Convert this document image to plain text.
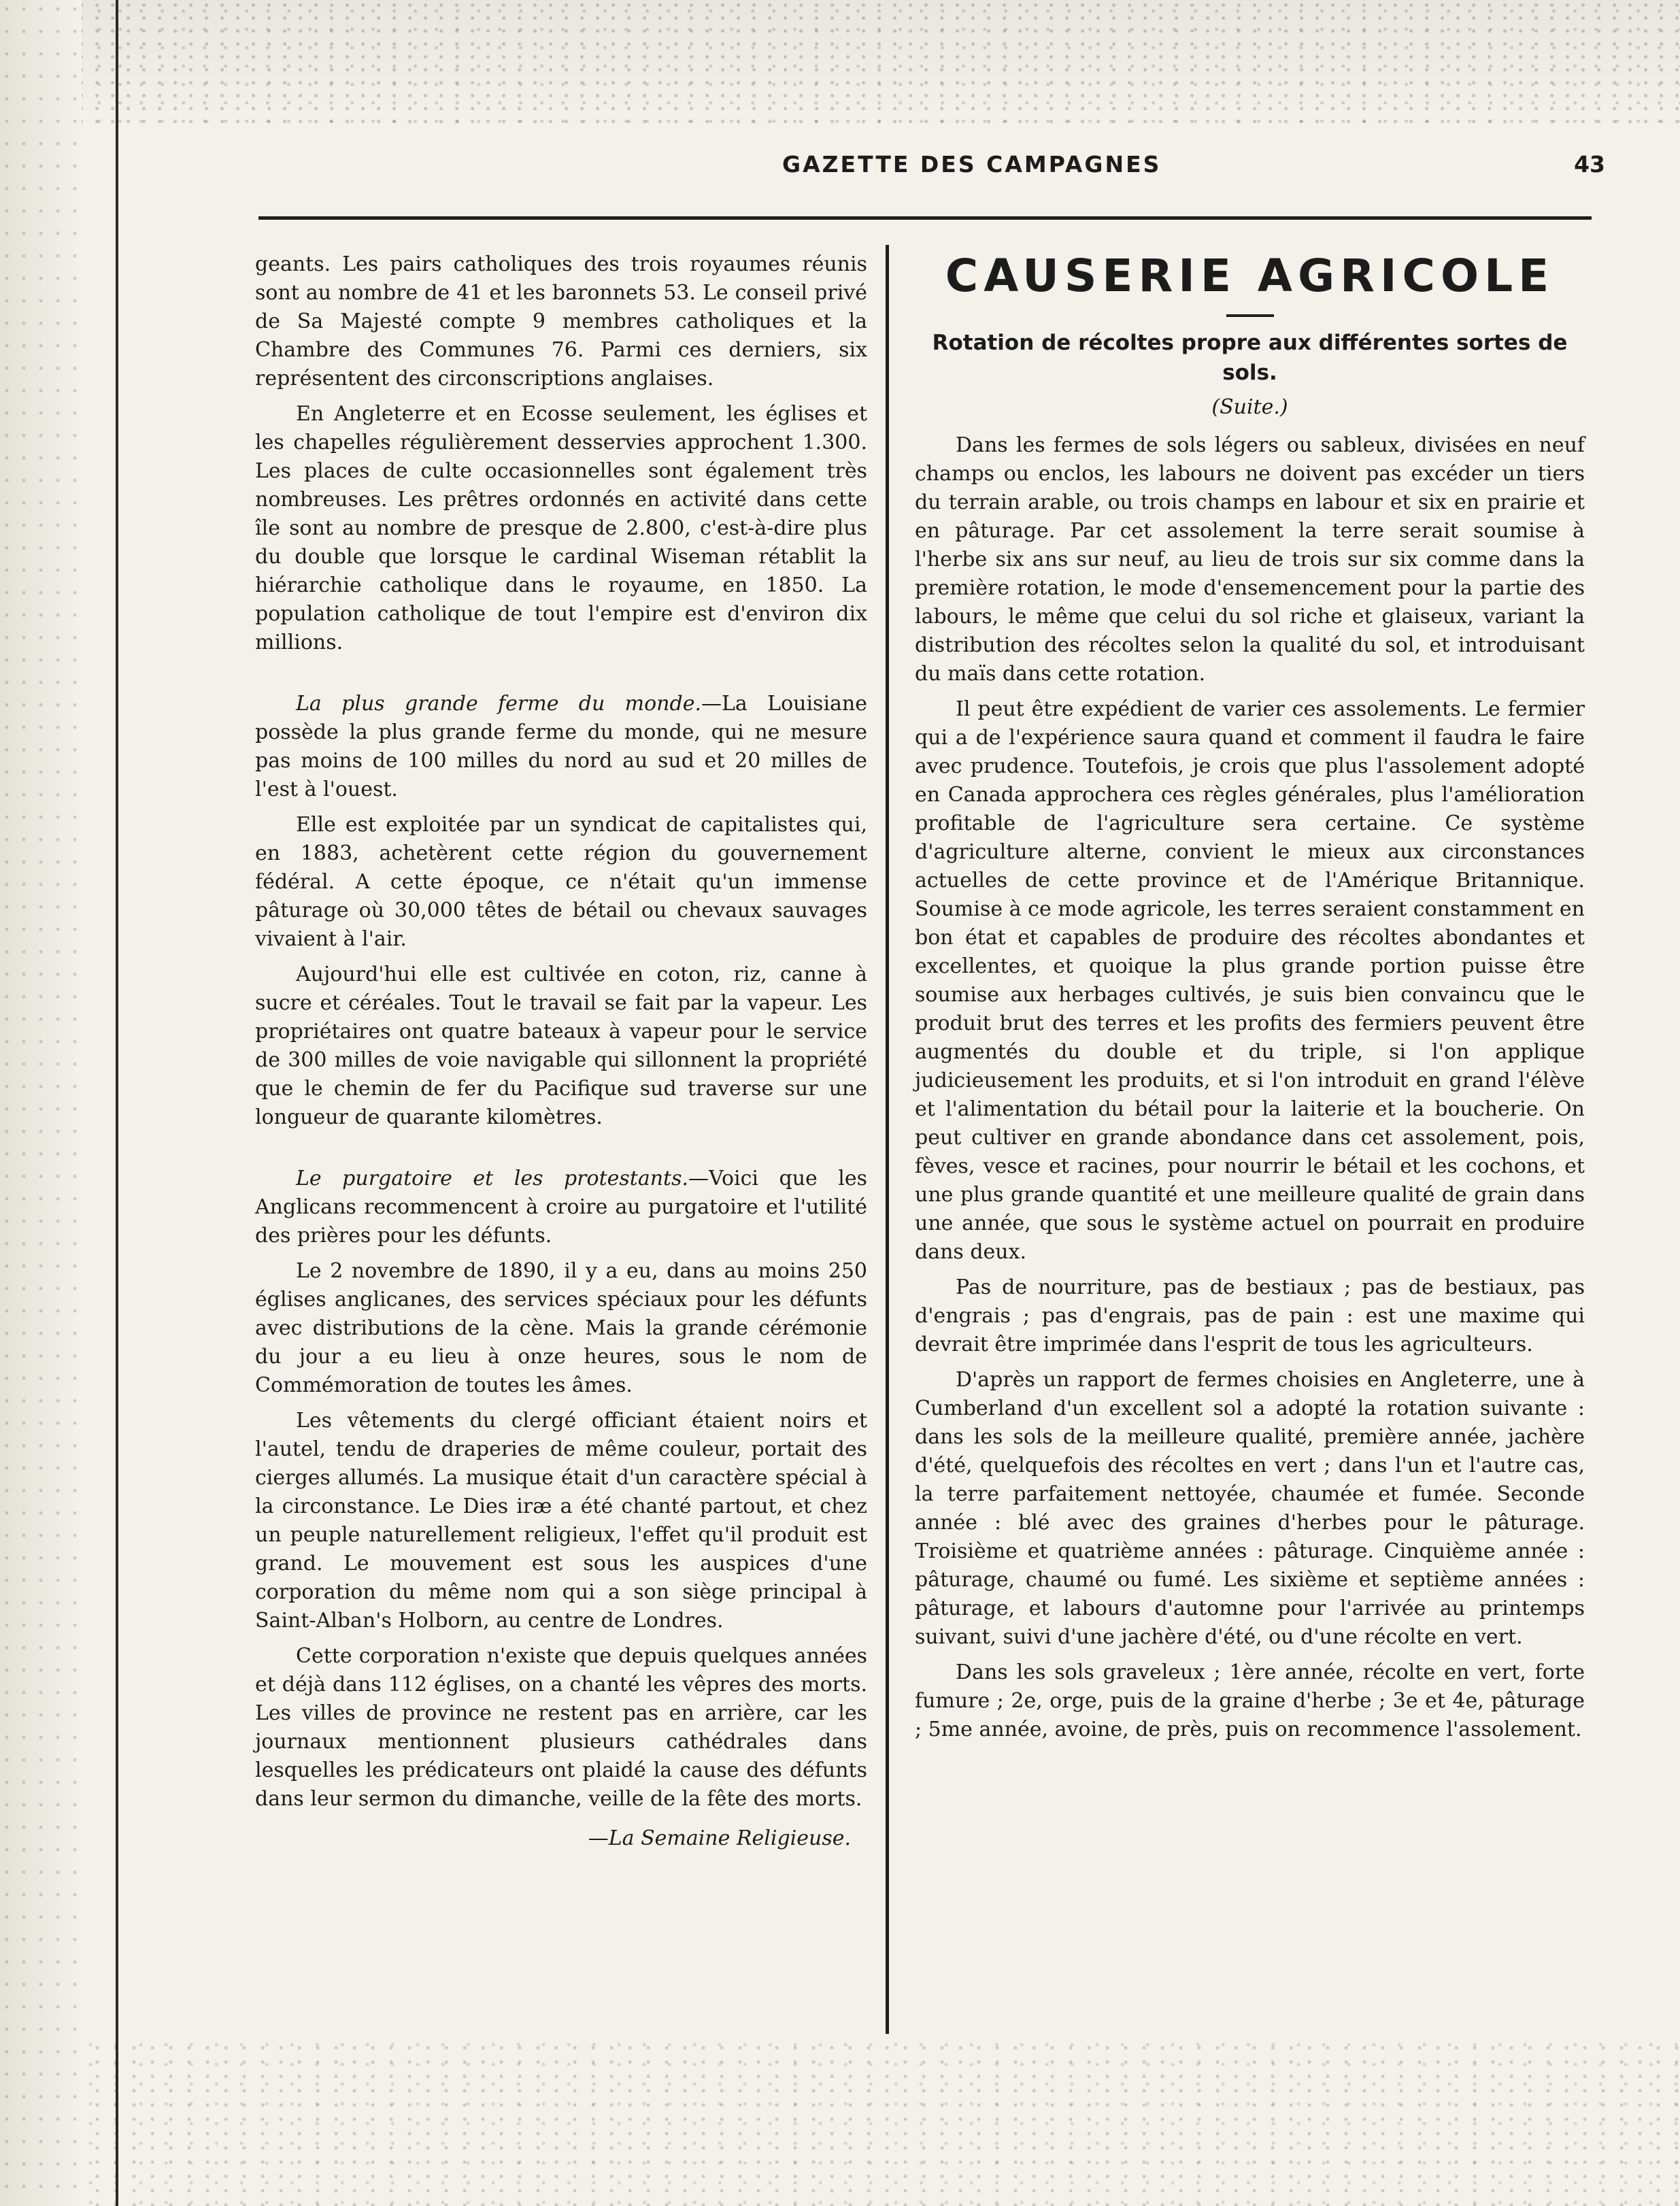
GAZETTE DES CAMPAGNES	43

geants. Les pairs catholiques des trois royaumes réunis sont au nombre de 41 et les baronnets 53. Le conseil privé de Sa Majesté compte 9 membres catholiques et la Chambre des Communes 76. Parmi ces derniers, six représentent des circonscriptions anglaises.

En Angleterre et en Ecosse seulement, les églises et les chapelles régulièrement desservies approchent 1.300. Les places de culte occasionnelles sont également très nombreuses. Les prêtres ordonnés en activité dans cette île sont au nombre de presque de 2.800, c'est-à-dire plus du double que lorsque le cardinal Wiseman rétablit la hiérarchie catholique dans le royaume, en 1850. La population catholique de tout l'empire est d'environ dix millions.

La plus grande ferme du monde.—La Louisiane possède la plus grande ferme du monde, qui ne mesure pas moins de 100 milles du nord au sud et 20 milles de l'est à l'ouest.

Elle est exploitée par un syndicat de capitalistes qui, en 1883, achetèrent cette région du gouvernement fédéral. A cette époque, ce n'était qu'un immense pâturage où 30,000 têtes de bétail ou chevaux sauvages vivaient à l'air.

Aujourd'hui elle est cultivée en coton, riz, canne à sucre et céréales. Tout le travail se fait par la vapeur. Les propriétaires ont quatre bateaux à vapeur pour le service de 300 milles de voie navigable qui sillonnent la propriété que le chemin de fer du Pacifique sud traverse sur une longueur de quarante kilomètres.

Le purgatoire et les protestants.—Voici que les Anglicans recommencent à croire au purgatoire et l'utilité des prières pour les défunts.

Le 2 novembre de 1890, il y a eu, dans au moins 250 églises anglicanes, des services spéciaux pour les défunts avec distributions de la cène. Mais la grande cérémonie du jour a eu lieu à onze heures, sous le nom de Commémoration de toutes les âmes.

Les vêtements du clergé officiant étaient noirs et l'autel, tendu de draperies de même couleur, portait des cierges allumés. La musique était d'un caractère spécial à la circonstance. Le Dies iræ a été chanté partout, et chez un peuple naturellement religieux, l'effet qu'il produit est grand. Le mouvement est sous les auspices d'une corporation du même nom qui a son siège principal à Saint-Alban's Holborn, au centre de Londres.

Cette corporation n'existe que depuis quelques années et déjà dans 112 églises, on a chanté les vêpres des morts. Les villes de province ne restent pas en arrière, car les journaux mentionnent plusieurs cathédrales dans lesquelles les prédicateurs ont plaidé la cause des défunts dans leur sermon du dimanche, veille de la fête des morts.

—La Semaine Religieuse.
CAUSERIE AGRICOLE
Rotation de récoltes propre aux différentes sortes de sols.
(Suite.)

Dans les fermes de sols légers ou sableux, divisées en neuf champs ou enclos, les labours ne doivent pas excéder un tiers du terrain arable, ou trois champs en labour et six en prairie et en pâturage. Par cet assolement la terre serait soumise à l'herbe six ans sur neuf, au lieu de trois sur six comme dans la première rotation, le mode d'ensemencement pour la partie des labours, le même que celui du sol riche et glaiseux, variant la distribution des récoltes selon la qualité du sol, et introduisant du maïs dans cette rotation.

Il peut être expédient de varier ces assolements. Le fermier qui a de l'expérience saura quand et comment il faudra le faire avec prudence. Toutefois, je crois que plus l'assolement adopté en Canada approchera ces règles générales, plus l'amélioration profitable de l'agriculture sera certaine. Ce système d'agriculture alterne, convient le mieux aux circonstances actuelles de cette province et de l'Amérique Britannique. Soumise à ce mode agricole, les terres seraient constamment en bon état et capables de produire des récoltes abondantes et excellentes, et quoique la plus grande portion puisse être soumise aux herbages cultivés, je suis bien convaincu que le produit brut des terres et les profits des fermiers peuvent être augmentés du double et du triple, si l'on applique judicieusement les produits, et si l'on introduit en grand l'élève et l'alimentation du bétail pour la laiterie et la boucherie. On peut cultiver en grande abondance dans cet assolement, pois, fèves, vesce et racines, pour nourrir le bétail et les cochons, et une plus grande quantité et une meilleure qualité de grain dans une année, que sous le système actuel on pourrait en produire dans deux.

Pas de nourriture, pas de bestiaux ; pas de bestiaux, pas d'engrais ; pas d'engrais, pas de pain : est une maxime qui devrait être imprimée dans l'esprit de tous les agriculteurs.

D'après un rapport de fermes choisies en Angleterre, une à Cumberland d'un excellent sol a adopté la rotation suivante : dans les sols de la meilleure qualité, première année, jachère d'été, quelquefois des récoltes en vert ; dans l'un et l'autre cas, la terre parfaitement nettoyée, chaumée et fumée. Seconde année : blé avec des graines d'herbes pour le pâturage. Troisième et quatrième années : pâturage. Cinquième année : pâturage, chaumé ou fumé. Les sixième et septième années : pâturage, et labours d'automne pour l'arrivée au printemps suivant, suivi d'une jachère d'été, ou d'une récolte en vert.

Dans les sols graveleux ; 1ère année, récolte en vert, forte fumure ; 2e, orge, puis de la graine d'herbe ; 3e et 4e, pâturage ; 5me année, avoine, de près, puis on recommence l'assolement.
